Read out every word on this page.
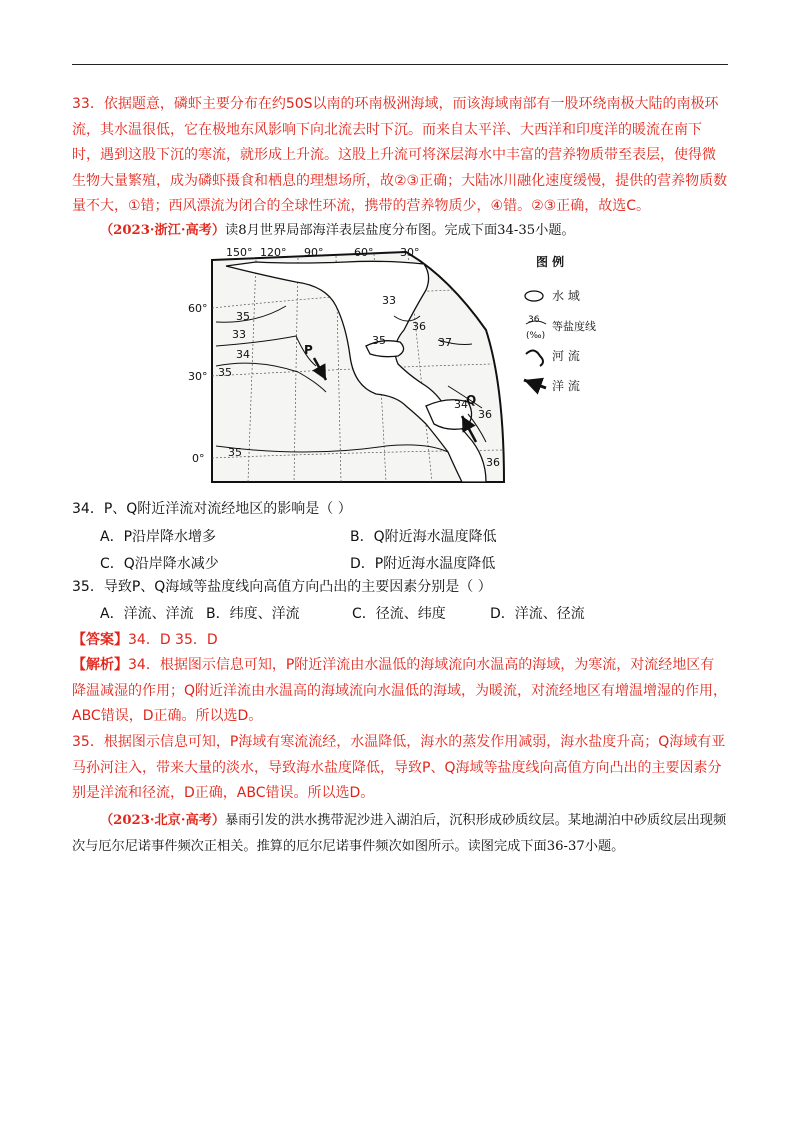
33．依据题意，磷虾主要分布在约50S以南的环南极洲海域，而该海域南部有一股环绕南极大陆的南极环流，其水温很低，它在极地东风影响下向北流去时下沉。而来自太平洋、大西洋和印度洋的暖流在南下时，遇到这股下沉的寒流，就形成上升流。这股上升流可将深层海水中丰富的营养物质带至表层，使得微生物大量繁殖，成为磷虾摄食和栖息的理想场所，故②③正确；大陆冰川融化速度缓慢，提供的营养物质数量不大，①错；西风漂流为闭合的全球性环流，携带的营养物质少，④错。②③正确，故选C。
（2023·浙江·高考）读8月世界局部海洋表层盐度分布图。完成下面34-35小题。
150° 120° 90°	60° 30°
60°
30°
0°
35
33
34
35
33
36
35	37
34
36
35
36
P
Q
图 例
水 域
36
(‰)
等盐度线
河 流
洋 流
34．P、Q附近洋流对流经地区的影响是（ ）
A．P沿岸降水增多	B．Q附近海水温度降低
C．Q沿岸降水减少	D．P附近海水温度降低
35．导致P、Q海域等盐度线向高值方向凸出的主要因素分别是（ ）
A．洋流、洋流 B．纬度、洋流	C．径流、纬度	D．洋流、径流
【答案】34．D 35．D
【解析】34．根据图示信息可知，P附近洋流由水温低的海域流向水温高的海域，为寒流，对流经地区有降温减湿的作用；Q附近洋流由水温高的海域流向水温低的海域，为暖流，对流经地区有增温增湿的作用，ABC错误，D正确。所以选D。
35．根据图示信息可知，P海域有寒流流经，水温降低，海水的蒸发作用减弱，海水盐度升高；Q海域有亚马孙河注入，带来大量的淡水，导致海水盐度降低，导致P、Q海域等盐度线向高值方向凸出的主要因素分别是洋流和径流，D正确，ABC错误。所以选D。
（2023·北京·高考）暴雨引发的洪水携带泥沙进入湖泊后，沉积形成砂质纹层。某地湖泊中砂质纹层出现频次与厄尔尼诺事件频次正相关。推算的厄尔尼诺事件频次如图所示。读图完成下面36-37小题。
